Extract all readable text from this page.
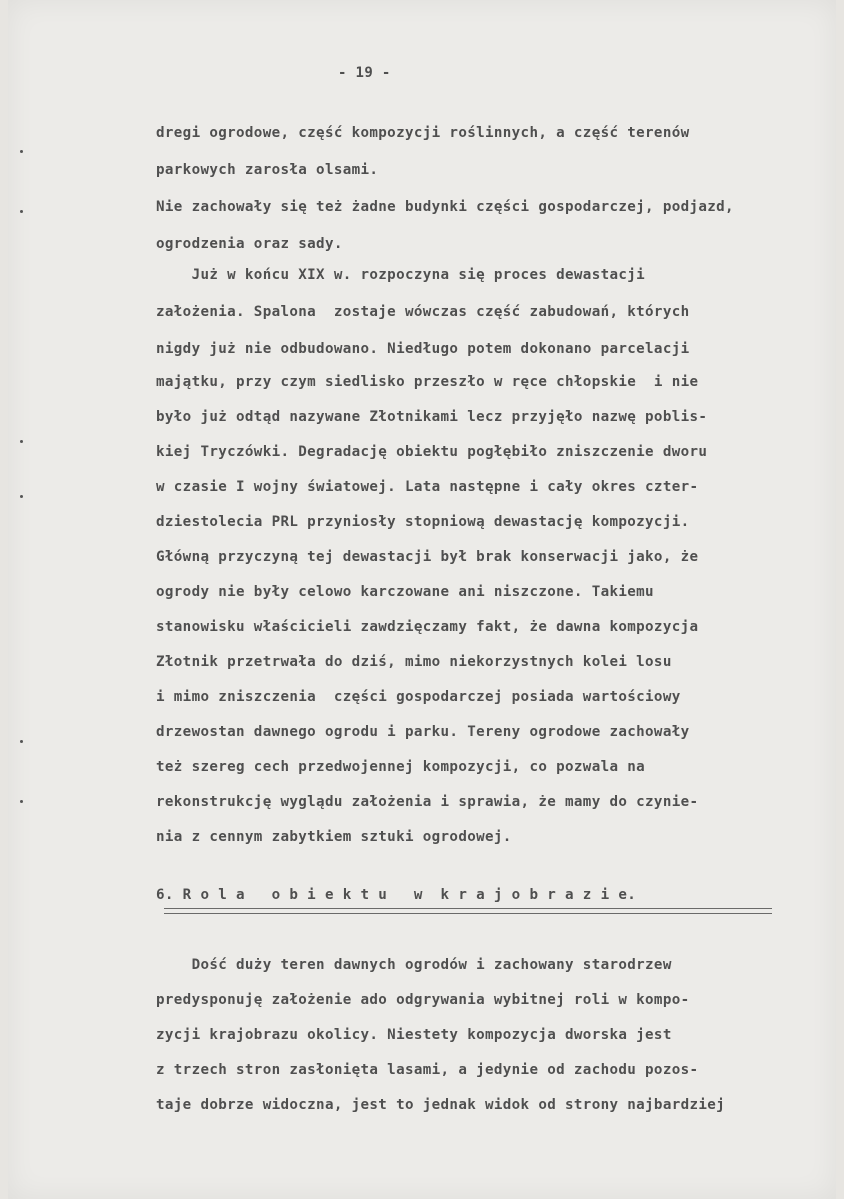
- 19 -
dregi ogrodowe, część kompozycji roślinnych, a część terenów
parkowych zarosła olsami.
Nie zachowały się też żadne budynki części gospodarczej, podjazd,
ogrodzenia oraz sady.
Już w końcu XIX w. rozpoczyna się proces dewastacji
założenia. Spalona  zostaje wówczas część zabudowań, których
nigdy już nie odbudowano. Niedługo potem dokonano parcelacji
majątku, przy czym siedlisko przeszło w ręce chłopskie  i nie
było już odtąd nazywane Złotnikami lecz przyjęło nazwę poblis-
kiej Tryczówki. Degradację obiektu pogłębiło zniszczenie dworu
w czasie I wojny światowej. Lata następne i cały okres czter-
dziestolecia PRL przyniosły stopniową dewastację kompozycji.
Główną przyczyną tej dewastacji był brak konserwacji jako, że
ogrody nie były celowo karczowane ani niszczone. Takiemu
stanowisku właścicieli zawdzięczamy fakt, że dawna kompozycja
Złotnik przetrwała do dziś, mimo niekorzystnych kolei losu
i mimo zniszczenia  części gospodarczej posiada wartościowy
drzewostan dawnego ogrodu i parku. Tereny ogrodowe zachowały
też szereg cech przedwojennej kompozycji, co pozwala na
rekonstrukcję wyglądu założenia i sprawia, że mamy do czynie-
nia z cennym zabytkiem sztuki ogrodowej.
6. R o l a   o b i e k t u   w  k r a j o b r a z i e.
Dość duży teren dawnych ogrodów i zachowany starodrzew
predysponuję założenie ado odgrywania wybitnej roli w kompo-
zycji krajobrazu okolicy. Niestety kompozycja dworska jest
z trzech stron zasłonięta lasami, a jedynie od zachodu pozos-
taje dobrze widoczna, jest to jednak widok od strony najbardziej
